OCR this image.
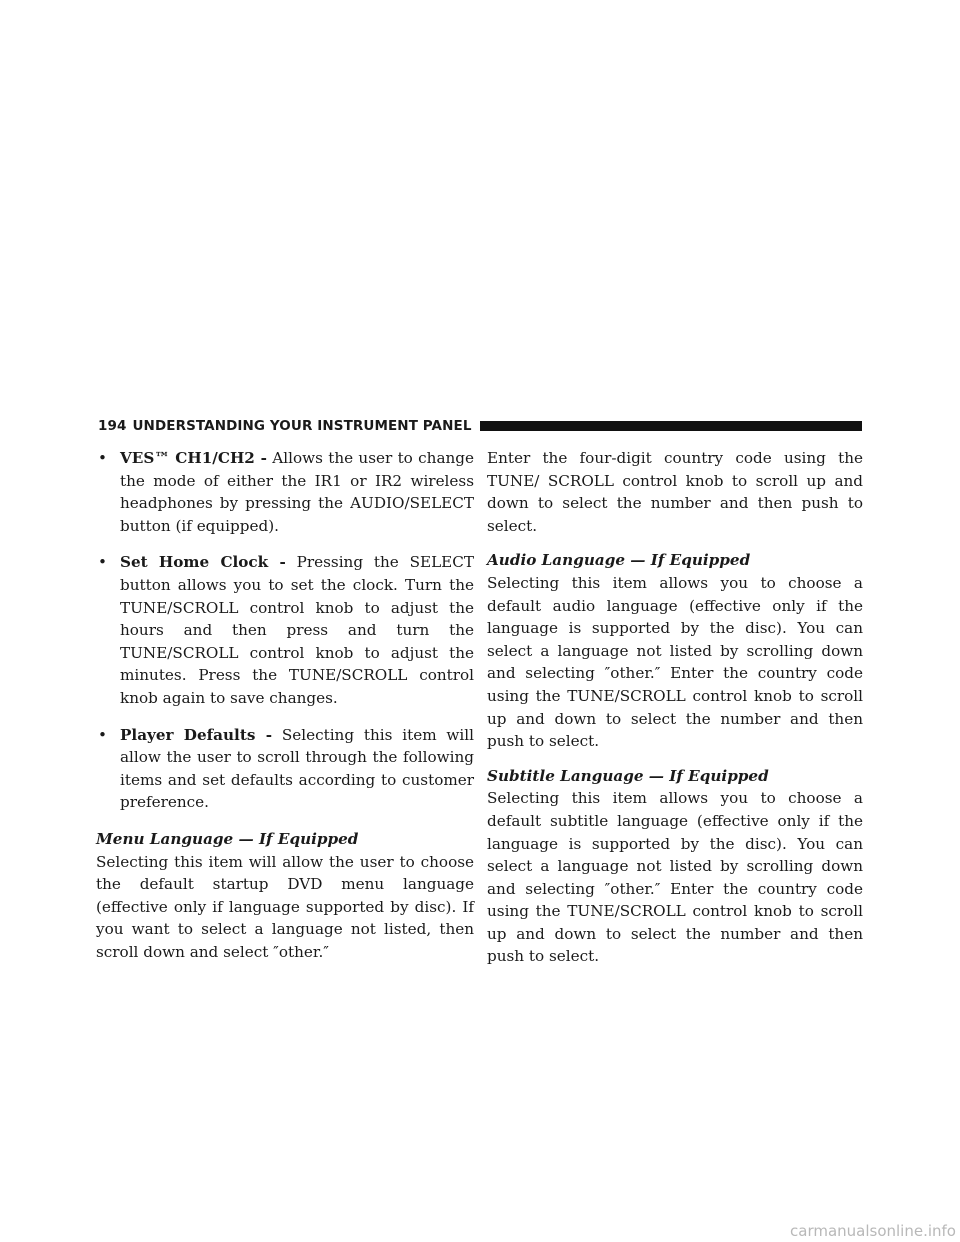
194 UNDERSTANDING YOUR INSTRUMENT PANEL
• VES™ CH1/CH2 - Allows the user to change the mode of either the IR1 or IR2 wireless headphones by pressing the AUDIO/SELECT button (if equipped).
• Set Home Clock - Pressing the SELECT button allows you to set the clock. Turn the TUNE/SCROLL control knob to adjust the hours and then press and turn the TUNE/SCROLL control knob to adjust the minutes. Press the TUNE/SCROLL control knob again to save changes.
• Player Defaults - Selecting this item will allow the user to scroll through the following items and set defaults according to customer preference.

Menu Language — If Equipped

Selecting this item will allow the user to choose the default startup DVD menu language (effective only if language supported by disc). If you want to select a language not listed, then scroll down and select ″other.″

Enter the four-digit country code using the TUNE/ SCROLL control knob to scroll up and down to select the number and then push to select.

Audio Language — If Equipped

Selecting this item allows you to choose a default audio language (effective only if the language is supported by the disc). You can select a language not listed by scrolling down and selecting ″other.″ Enter the country code using the TUNE/SCROLL control knob to scroll up and down to select the number and then push to select.

Subtitle Language — If Equipped

Selecting this item allows you to choose a default subtitle language (effective only if the language is supported by the disc). You can select a language not listed by scrolling down and selecting ″other.″ Enter the country code using the TUNE/SCROLL control knob to scroll up and down to select the number and then push to select.

carmanualsonline.info
